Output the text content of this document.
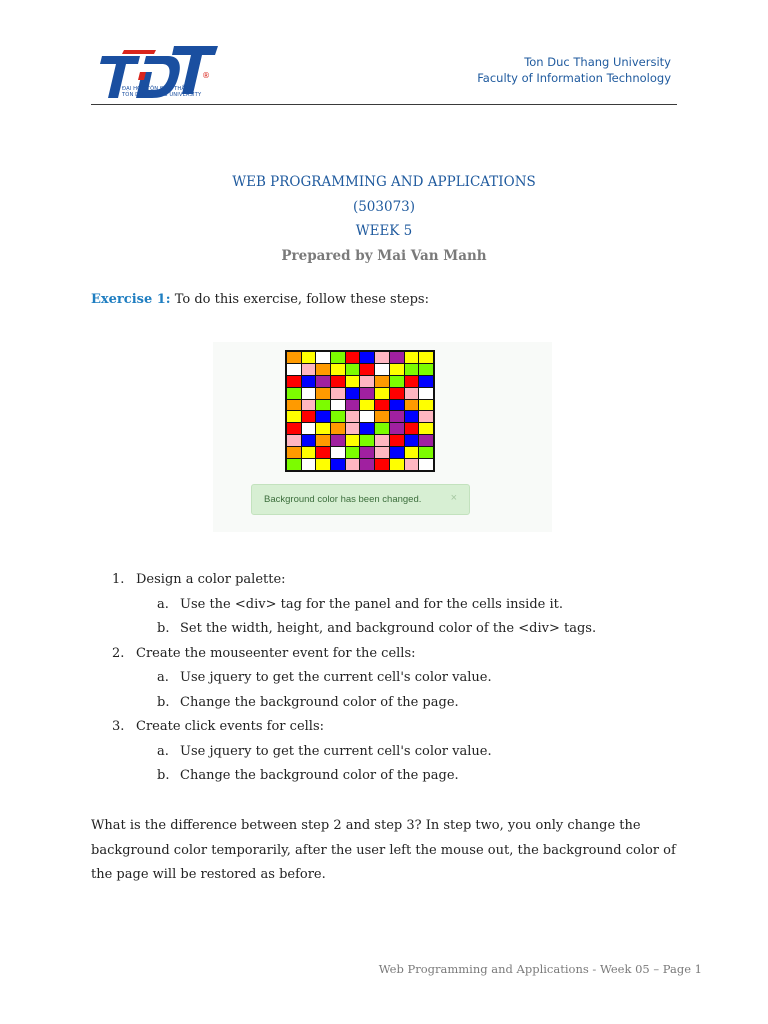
®
ĐẠI HỌC TÔN ĐỨC THẮNG
TON DUC THANG UNIVERSITY
Ton Duc Thang University
Faculty of Information Technology
WEB PROGRAMMING AND APPLICATIONS
(503073)
WEEK 5
Prepared by Mai Van Manh
Exercise 1: To do this exercise, follow these steps:
Background color has been changed.	×
1. Design a color palette:
a. Use the <div> tag for the panel and for the cells inside it.
b. Set the width, height, and background color of the <div> tags.
2. Create the mouseenter event for the cells:
a. Use jquery to get the current cell's color value.
b. Change the background color of the page.
3. Create click events for cells:
a. Use jquery to get the current cell's color value.
b. Change the background color of the page.
What is the difference between step 2 and step 3? In step two, you only change the background color temporarily, after the user left the mouse out, the background color of the page will be restored as before.
Web Programming and Applications - Week 05 – Page 1
